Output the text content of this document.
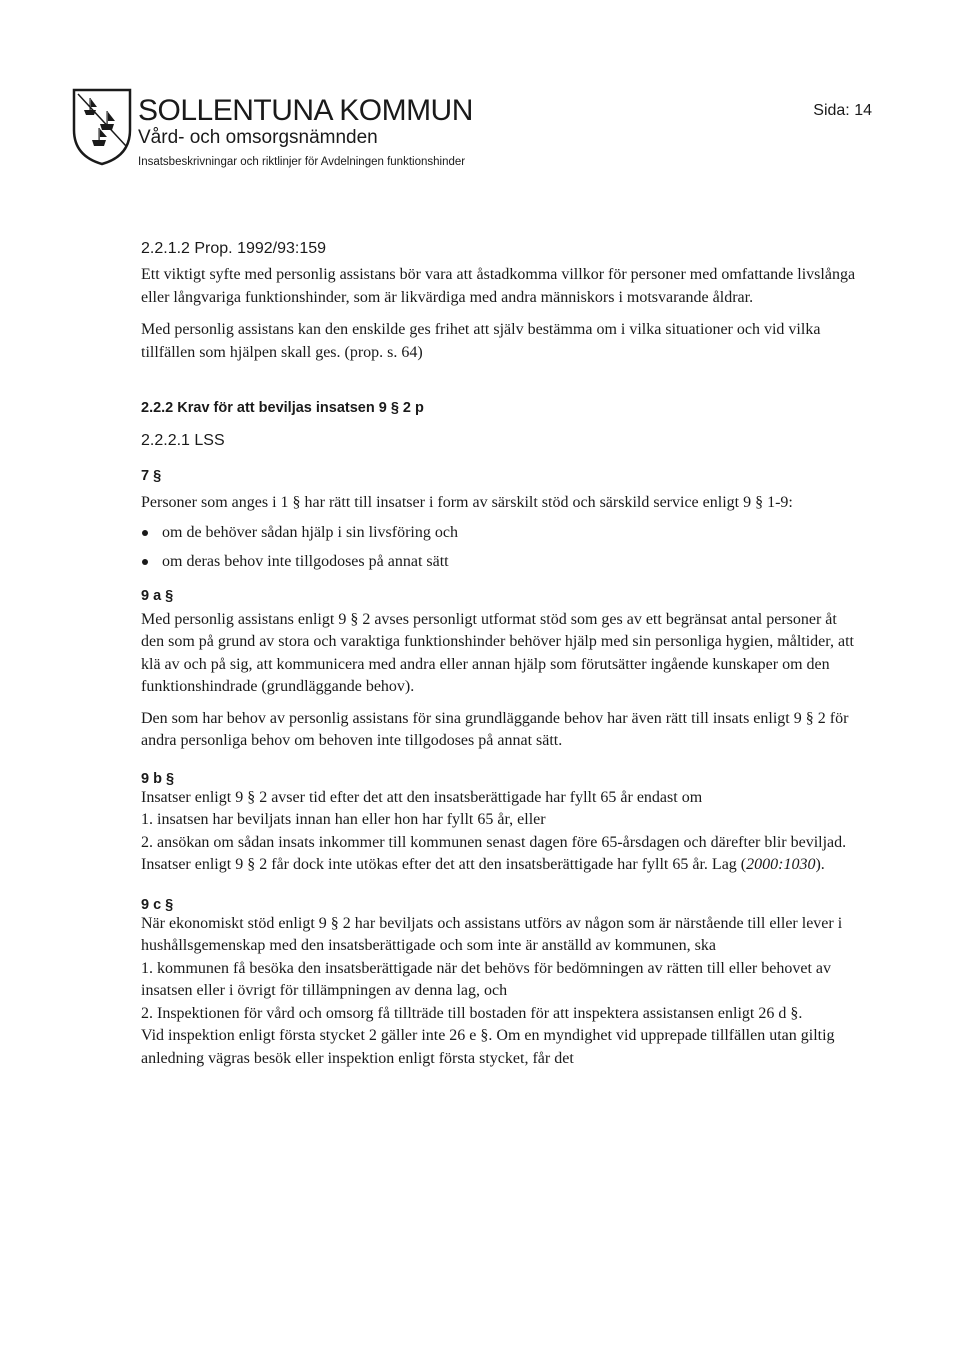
SOLLENTUNA KOMMUN
Vård- och omsorgsnämnden
Insatsbeskrivningar och riktlinjer för Avdelningen funktionshinder
Sida: 14
2.2.1.2 Prop. 1992/93:159

Ett viktigt syfte med personlig assistans bör vara att åstadkomma villkor för personer med omfattande livslånga eller långvariga funktionshinder, som är likvärdiga med andra människors i motsvarande åldrar.

Med personlig assistans kan den enskilde ges frihet att själv bestämma om i vilka situationer och vid vilka tillfällen som hjälpen skall ges. (prop. s. 64)

2.2.2 Krav för att beviljas insatsen 9 § 2 p
2.2.2.1 LSS
7 §

Personer som anges i 1 § har rätt till insatser i form av särskilt stöd och särskild service enligt 9 § 1-9:

om de behöver sådan hjälp i sin livsföring och
om deras behov inte tillgodoses på annat sätt
9 a §

Med personlig assistans enligt 9 § 2 avses personligt utformat stöd som ges av ett begränsat antal personer åt den som på grund av stora och varaktiga funktionshinder behöver hjälp med sin personliga hygien, måltider, att klä av och på sig, att kommunicera med andra eller annan hjälp som förutsätter ingående kunskaper om den funktionshindrade (grundläggande behov).

Den som har behov av personlig assistans för sina grundläggande behov har även rätt till insats enligt 9 § 2 för andra personliga behov om behoven inte tillgodoses på annat sätt.

9 b §

Insatser enligt 9 § 2 avser tid efter det att den insatsberättigade har fyllt 65 år endast om

1. insatsen har beviljats innan han eller hon har fyllt 65 år, eller

2. ansökan om sådan insats inkommer till kommunen senast dagen före 65-årsdagen och därefter blir beviljad. Insatser enligt 9 § 2 får dock inte utökas efter det att den insatsberättigade har fyllt 65 år. Lag (2000:1030).

9 c §

När ekonomiskt stöd enligt 9 § 2 har beviljats och assistans utförs av någon som är närstående till eller lever i hushållsgemenskap med den insatsberättigade och som inte är anställd av kommunen, ska

1. kommunen få besöka den insatsberättigade när det behövs för bedömningen av rätten till eller behovet av insatsen eller i övrigt för tillämpningen av denna lag, och

2. Inspektionen för vård och omsorg få tillträde till bostaden för att inspektera assistansen enligt 26 d §.

Vid inspektion enligt första stycket 2 gäller inte 26 e §. Om en myndighet vid upprepade tillfällen utan giltig anledning vägras besök eller inspektion enligt första stycket, får det
